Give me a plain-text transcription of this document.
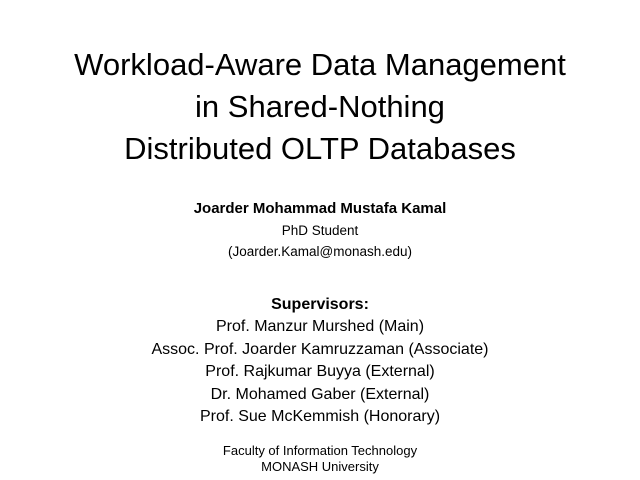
Workload-Aware Data Management
in Shared-Nothing
Distributed OLTP Databases
Joarder Mohammad Mustafa Kamal
PhD Student
(Joarder.Kamal@monash.edu)
Supervisors:
Prof. Manzur Murshed (Main)
Assoc. Prof. Joarder Kamruzzaman (Associate)
Prof. Rajkumar Buyya (External)
Dr. Mohamed Gaber (External)
Prof. Sue McKemmish (Honorary)
Faculty of Information Technology
MONASH University
